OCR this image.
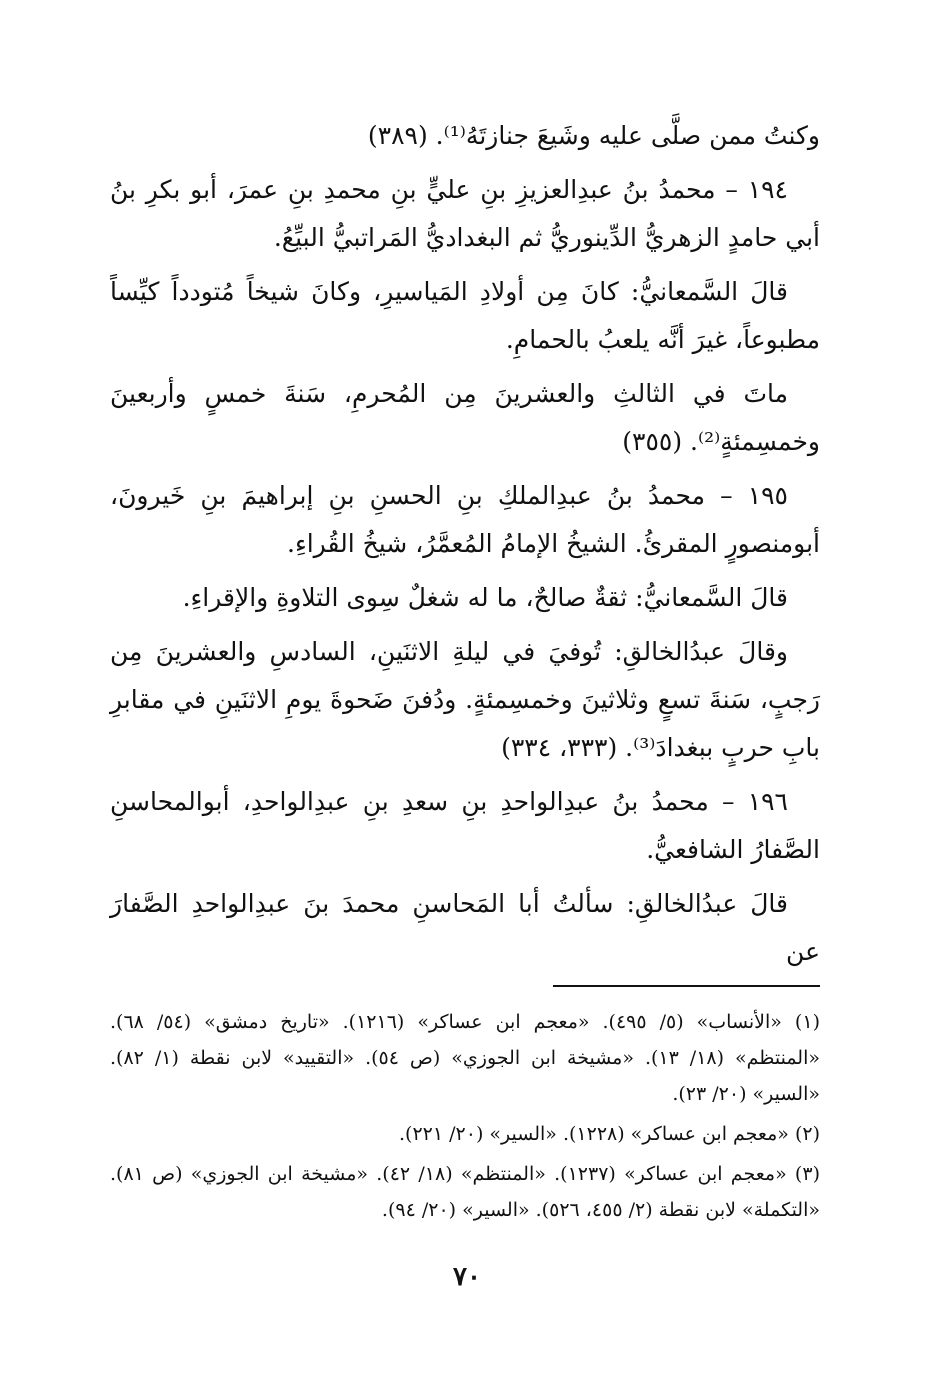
وكنتُ ممن صلَّى عليه وشَيعَ جنازتَهُ⁽¹⁾. (٣٨٩)

١٩٤ – محمدُ بنُ عبدِالعزيزِ بنِ عليٍّ بنِ محمدِ بنِ عمرَ، أبو بكرِ بنُ أبي حامدٍ الزهريُّ الدِّينوريُّ ثم البغداديُّ المَراتبيُّ البيِّعُ.

قالَ السَّمعانيُّ: كانَ مِن أولادِ المَياسيرِ، وكانَ شيخاً مُتودداً كيِّساً مطبوعاً، غيرَ أنَّه يلعبُ بالحمامِ.

ماتَ في الثالثِ والعشرينَ مِن المُحرمِ، سَنةَ خمسٍ وأربعينَ وخمسِمئةٍ⁽²⁾. (٣٥٥)

١٩٥ – محمدُ بنُ عبدِالملكِ بنِ الحسنِ بنِ إبراهيمَ بنِ خَيرونَ، أبومنصورٍ المقرئُ. الشيخُ الإمامُ المُعمَّرُ، شيخُ القُراءِ.

قالَ السَّمعانيُّ: ثقةٌ صالحٌ، ما له شغلٌ سِوى التلاوةِ والإقراءِ.

وقالَ عبدُالخالقِ: تُوفيَ في ليلةِ الاثنَينِ، السادسِ والعشرينَ مِن رَجبٍ، سَنةَ تسعٍ وثلاثينَ وخمسِمئةٍ. ودُفنَ ضَحوةَ يومِ الاثنَينِ في مقابرِ بابِ حربٍ ببغدادَ⁽³⁾. (٣٣٣، ٣٣٤)

١٩٦ – محمدُ بنُ عبدِالواحدِ بنِ سعدِ بنِ عبدِالواحدِ، أبوالمحاسنِ الصَّفارُ الشافعيُّ.

قالَ عبدُالخالقِ: سألتُ أبا المَحاسنِ محمدَ بنَ عبدِالواحدِ الصَّفارَ عن

(١) «الأنساب» (٥/ ٤٩٥). «معجم ابن عساكر» (١٢١٦). «تاريخ دمشق» (٥٤/ ٦٨). «المنتظم» (١٨/ ١٣). «مشيخة ابن الجوزي» (ص ٥٤). «التقييد» لابن نقطة (١/ ٨٢). «السير» (٢٠/ ٢٣).

(٢) «معجم ابن عساكر» (١٢٢٨). «السير» (٢٠/ ٢٢١).

(٣) «معجم ابن عساكر» (١٢٣٧). «المنتظم» (١٨/ ٤٢). «مشيخة ابن الجوزي» (ص ٨١). «التكملة» لابن نقطة (٢/ ٤٥٥، ٥٢٦). «السير» (٢٠/ ٩٤).

٧٠
